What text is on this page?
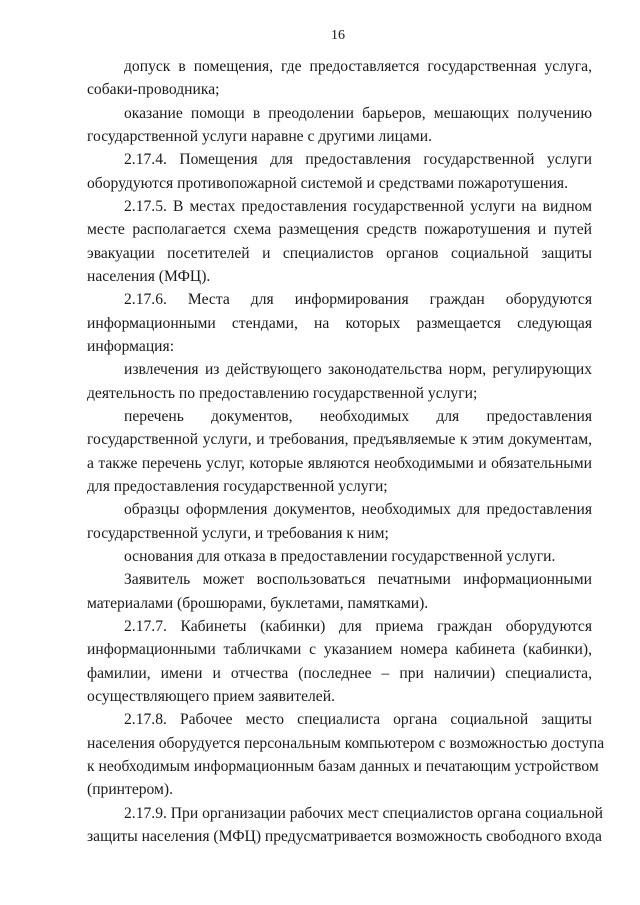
16
допуск в помещения, где предоставляется государственная услуга,
собаки-проводника;
оказание помощи в преодолении барьеров, мешающих получению
государственной услуги наравне с другими лицами.
2.17.4. Помещения для предоставления государственной услуги
оборудуются противопожарной системой и средствами пожаротушения.
2.17.5. В местах предоставления государственной услуги на видном
месте располагается схема размещения средств пожаротушения и путей
эвакуации посетителей и специалистов органов социальной защиты
населения (МФЦ).
2.17.6. Места для информирования граждан оборудуются
информационными стендами, на которых размещается следующая
информация:
извлечения из действующего законодательства норм, регулирующих
деятельность по предоставлению государственной услуги;
перечень документов, необходимых для предоставления
государственной услуги, и требования, предъявляемые к этим документам,
а также перечень услуг, которые являются необходимыми и обязательными
для предоставления государственной услуги;
образцы оформления документов, необходимых для предоставления
государственной услуги, и требования к ним;
основания для отказа в предоставлении государственной услуги.
Заявитель может воспользоваться печатными информационными
материалами (брошюрами, буклетами, памятками).
2.17.7. Кабинеты (кабинки) для приема граждан оборудуются
информационными табличками с указанием номера кабинета (кабинки),
фамилии, имени и отчества (последнее – при наличии) специалиста,
осуществляющего прием заявителей.
2.17.8. Рабочее место специалиста органа социальной защиты
населения оборудуется персональным компьютером с возможностью доступа
к необходимым информационным базам данных и печатающим устройством
(принтером).
2.17.9. При организации рабочих мест специалистов органа социальной
защиты населения (МФЦ) предусматривается возможность свободного входа
